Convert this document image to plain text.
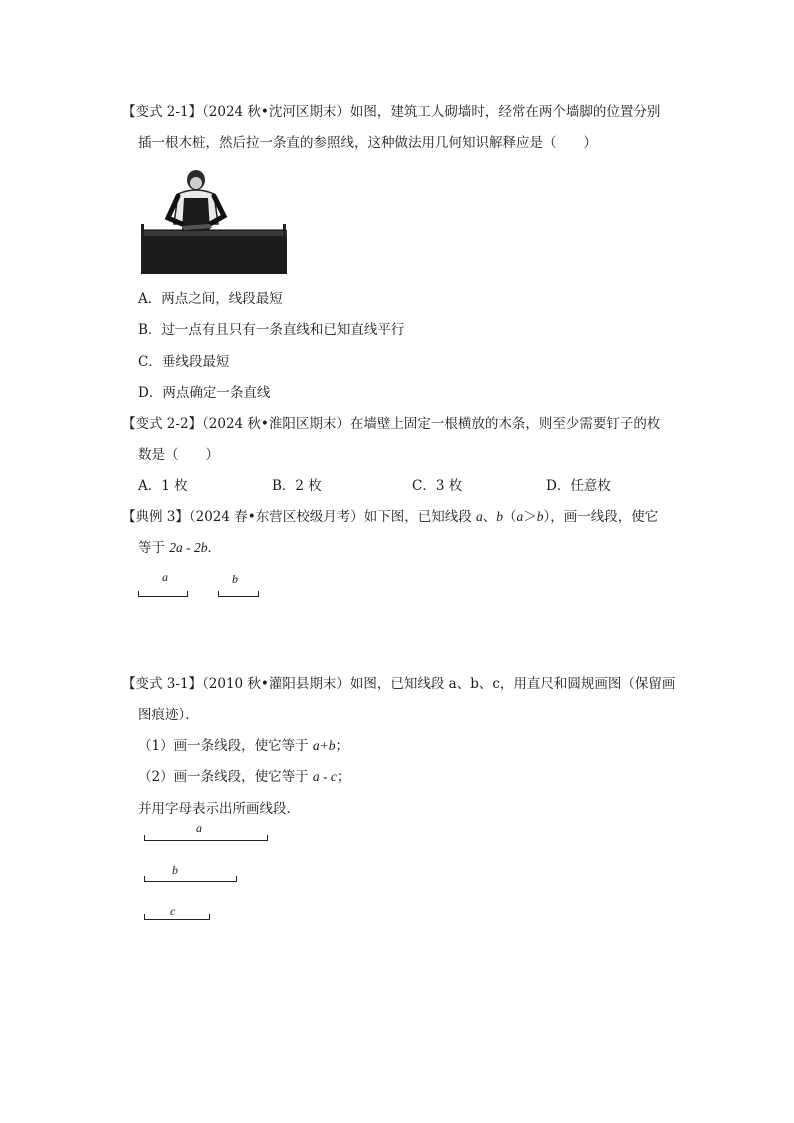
【变式 2-1】（2024 秋•沈河区期末）如图，建筑工人砌墙时，经常在两个墙脚的位置分别
插一根木桩，然后拉一条直的参照线，这种做法用几何知识解释应是（　　）
A．两点之间，线段最短
B．过一点有且只有一条直线和已知直线平行
C．垂线段最短
D．两点确定一条直线
【变式 2-2】（2024 秋•淮阳区期末）在墙壁上固定一根横放的木条，则至少需要钉子的枚
数是（　　）
A．1 枚	B．2 枚	C．3 枚	D．任意枚
【典例 3】（2024 春•东营区校级月考）如下图，已知线段 a、b（a＞b），画一线段，使它
等于 2a - 2b．
a	b
【变式 3-1】（2010 秋•灌阳县期末）如图，已知线段 a、b、c，用直尺和圆规画图（保留画
图痕迹）．
（1）画一条线段，使它等于 a+b；
（2）画一条线段，使它等于 a - c；
并用字母表示出所画线段．
a
b
c
